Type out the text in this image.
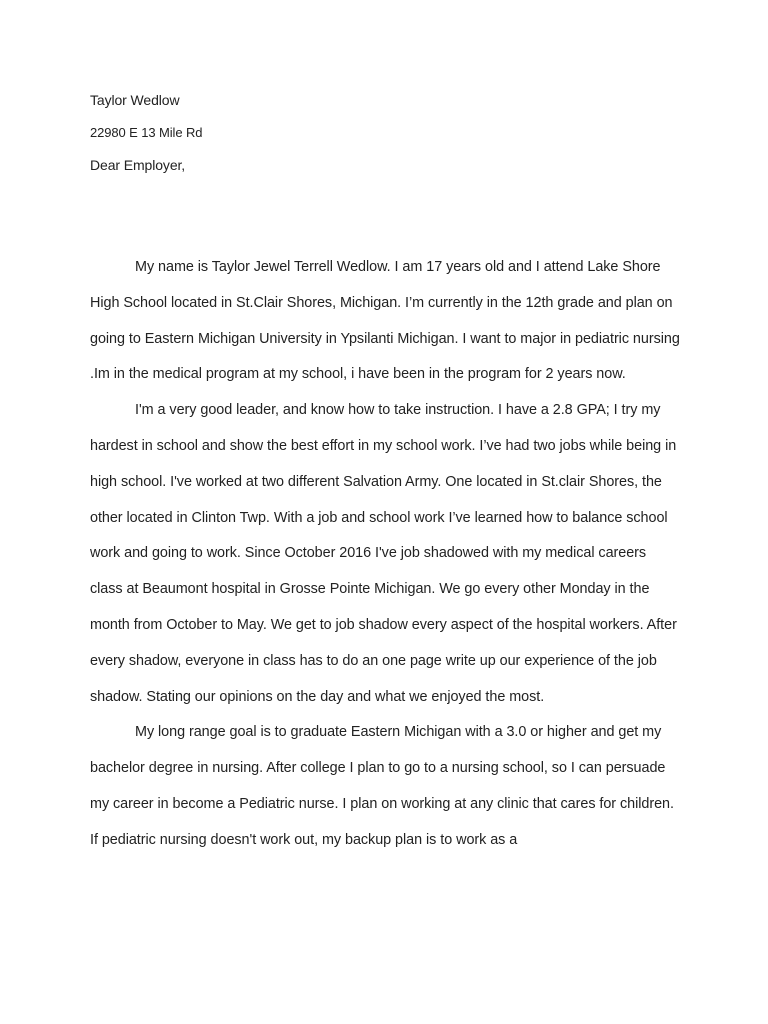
Taylor Wedlow

22980 E 13 Mile Rd

Dear Employer,

My name is Taylor Jewel Terrell Wedlow. I am 17 years old and I attend Lake Shore High School located in St.Clair Shores, Michigan. I’m currently in the 12th grade and plan on going to Eastern Michigan University in Ypsilanti Michigan. I want to major in pediatric nursing .Im in the medical program at my school, i have been in the program for 2 years now.

I'm a very good leader, and know how to take instruction. I have a 2.8 GPA; I try my hardest in school and show the best effort in my school work. I’ve had two jobs while being in high school. I've worked at two different Salvation Army. One located in St.clair Shores, the other located in Clinton Twp. With a job and school work I’ve learned how to balance school work and going to work. Since October 2016 I've job shadowed with my medical careers class at Beaumont hospital in Grosse Pointe Michigan. We go every other Monday in the month from October to May. We get to job shadow every aspect of the hospital workers. After every shadow, everyone in class has to do an one page write up our experience of the job shadow. Stating our opinions on the day and what we enjoyed the most.

My long range goal is to graduate Eastern Michigan with a 3.0 or higher and get my bachelor degree in nursing. After college I plan to go to a nursing school, so I can persuade my career in become a Pediatric nurse. I plan on working at any clinic that cares for children. If pediatric nursing doesn't work out, my backup plan is to work as a
